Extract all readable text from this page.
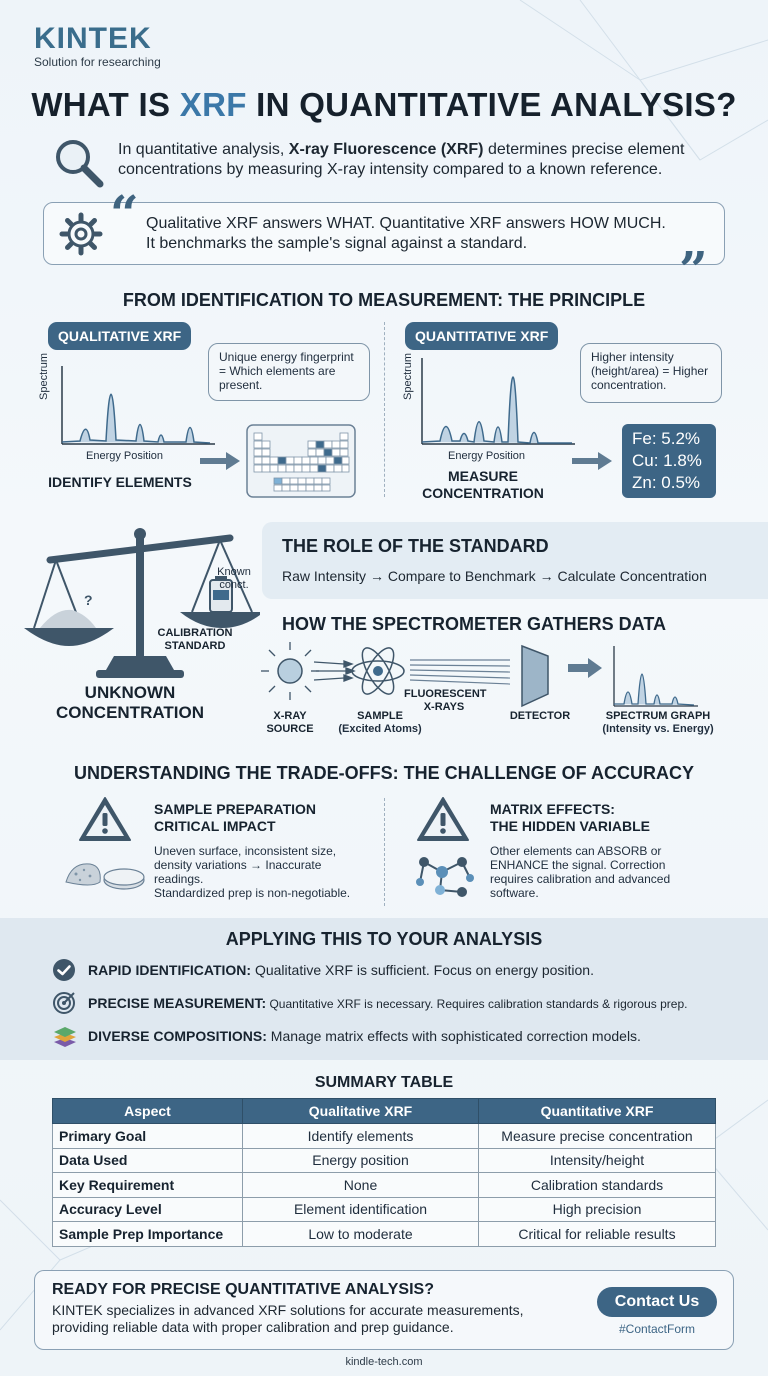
KINTEK
Solution for researching
WHAT IS XRF IN QUANTITATIVE ANALYSIS?
In quantitative analysis, X-ray Fluorescence (XRF) determines precise element concentrations by measuring X-ray intensity compared to a known reference.
“
”
Qualitative XRF answers WHAT. Quantitative XRF answers HOW MUCH.
It benchmarks the sample's signal against a standard.
FROM IDENTIFICATION TO MEASUREMENT: THE PRINCIPLE
QUALITATIVE XRF
Unique energy fingerprint = Which elements are present.
Spectrum
Energy Position
IDENTIFY ELEMENTS
QUANTITATIVE XRF
Higher intensity (height/area) = Higher concentration.
Spectrum
Energy Position
MEASURE
CONCENTRATION
Fe: 5.2%
Cu: 1.8%
Zn: 0.5%
?
Known
conct.
CALIBRATION
STANDARD
UNKNOWN
CONCENTRATION
THE ROLE OF THE STANDARD
Raw Intensity → Compare to Benchmark → Calculate Concentration
HOW THE SPECTROMETER GATHERS DATA
X-RAY
SOURCE
SAMPLE
(Excited Atoms)
FLUORESCENT
X-RAYS
DETECTOR	SPECTRUM GRAPH
(Intensity vs. Energy)
UNDERSTANDING THE TRADE-OFFS: THE CHALLENGE OF ACCURACY
SAMPLE PREPARATION
CRITICAL IMPACT
Uneven surface, inconsistent size,
density variations → Inaccurate
readings.
Standardized prep is non-negotiable.
MATRIX EFFECTS:
THE HIDDEN VARIABLE
Other elements can ABSORB or
ENHANCE the signal. Correction
requires calibration and advanced
software.
APPLYING THIS TO YOUR ANALYSIS
RAPID IDENTIFICATION: Qualitative XRF is sufficient. Focus on energy position.
PRECISE MEASUREMENT: Quantitative XRF is necessary. Requires calibration standards & rigorous prep.
DIVERSE COMPOSITIONS: Manage matrix effects with sophisticated correction models.
SUMMARY TABLE
Aspect	Qualitative XRF	Quantitative XRF
Primary Goal	Identify elements	Measure precise concentration
Data Used	Energy position	Intensity/height
Key Requirement	None	Calibration standards
Accuracy Level	Element identification	High precision
Sample Prep Importance	Low to moderate	Critical for reliable results
READY FOR PRECISE QUANTITATIVE ANALYSIS?
KINTEK specializes in advanced XRF solutions for accurate measurements,
providing reliable data with proper calibration and prep guidance.
Contact Us
#ContactForm
kindle-tech.com
